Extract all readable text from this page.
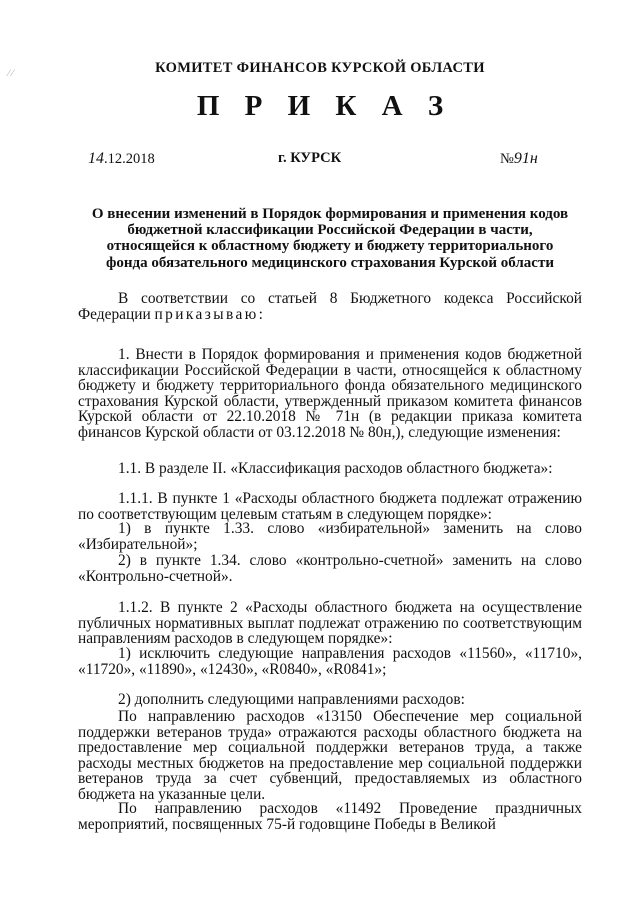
⁄ ⁄	КОМИТЕТ ФИНАНСОВ КУРСКОЙ ОБЛАСТИ
П Р И К А З
14.12.2018	г. КУРСК	№91н
О внесении изменений в Порядок формирования и применения кодов
бюджетной классификации Российской Федерации в части,
относящейся к областному бюджету и бюджету территориального
фонда обязательного медицинского страхования Курской области
В соответствии со статьей 8 Бюджетного кодекса Российской Федерации приказываю:
1. Внести в Порядок формирования и применения кодов бюджетной классификации Российской Федерации в части, относящейся к областному бюджету и бюджету территориального фонда обязательного медицинского страхования Курской области, утвержденный приказом комитета финансов Курской области от 22.10.2018 № 71н (в редакции приказа комитета финансов Курской области от 03.12.2018 № 80н,), следующие изменения:
1.1. В разделе II. «Классификация расходов областного бюджета»:
1.1.1. В пункте 1 «Расходы областного бюджета подлежат отражению по соответствующим целевым статьям в следующем порядке»:
1) в пункте 1.33. слово «избирательной» заменить на слово «Избирательной»;
2) в пункте 1.34. слово «контрольно-счетной» заменить на слово «Контрольно-счетной».
1.1.2. В пункте 2 «Расходы областного бюджета на осуществление публичных нормативных выплат подлежат отражению по соответствующим направлениям расходов в следующем порядке»:
1) исключить следующие направления расходов «11560», «11710», «11720», «11890», «12430», «R0840», «R0841»;
2) дополнить следующими направлениями расходов:
По направлению расходов «13150 Обеспечение мер социальной поддержки ветеранов труда» отражаются расходы областного бюджета на предоставление мер социальной поддержки ветеранов труда, а также расходы местных бюджетов на предоставление мер социальной поддержки ветеранов труда за счет субвенций, предоставляемых из областного бюджета на указанные цели.
По направлению расходов «11492 Проведение праздничных мероприятий, посвященных 75-й годовщине Победы в Великой
